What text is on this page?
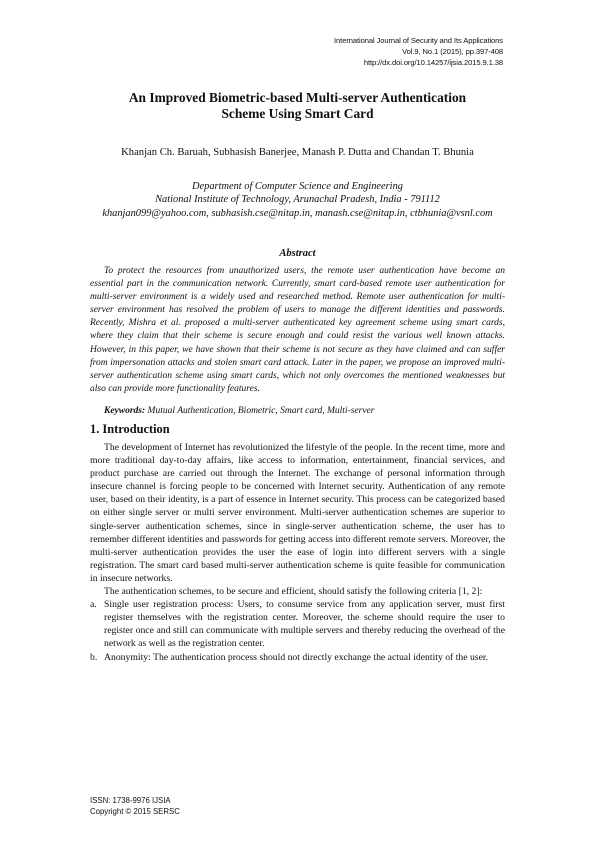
International Journal of Security and Its Applications
Vol.9, No.1 (2015), pp.397-408
http://dx.doi.org/10.14257/ijsia.2015.9.1.38
An Improved Biometric-based Multi-server Authentication
Scheme Using Smart Card
Khanjan Ch. Baruah, Subhasish Banerjee, Manash P. Dutta and Chandan T. Bhunia
Department of Computer Science and Engineering
National Institute of Technology, Arunachal Pradesh, India - 791112
khanjan099@yahoo.com, subhasish.cse@nitap.in, manash.cse@nitap.in, ctbhunia@vsnl.com
Abstract

To protect the resources from unauthorized users, the remote user authentication have become an essential part in the communication network. Currently, smart card-based remote user authentication for multi-server environment is a widely used and researched method. Remote user authentication for multi-server environment has resolved the problem of users to manage the different identities and passwords. Recently, Mishra et al. proposed a multi-server authenticated key agreement scheme using smart cards, where they claim that their scheme is secure enough and could resist the various well known attacks. However, in this paper, we have shown that their scheme is not secure as they have claimed and can suffer from impersonation attacks and stolen smart card attack. Later in the paper, we propose an improved multi-server authentication scheme using smart cards, which not only overcomes the mentioned weaknesses but also can provide more functionality features.

Keywords: Mutual Authentication, Biometric, Smart card, Multi-server
1. Introduction

The development of Internet has revolutionized the lifestyle of the people. In the recent time, more and more traditional day-to-day affairs, like access to information, entertainment, financial services, and product purchase are carried out through the Internet. The exchange of personal information through insecure channel is forcing people to be concerned with Internet security. Authentication of any remote user, based on their identity, is a part of essence in Internet security. This process can be categorized based on either single server or multi server environment. Multi-server authentication schemes are superior to single-server authentication schemes, since in single-server authentication scheme, the user has to remember different identities and passwords for getting access into different remote servers. Moreover, the multi-server authentication provides the user the ease of login into different servers with a single registration. The smart card based multi-server authentication scheme is quite feasible for communication in insecure networks.

The authentication schemes, to be secure and efficient, should satisfy the following criteria [1, 2]:

a. Single user registration process: Users, to consume service from any application server, must first register themselves with the registration center. Moreover, the scheme should require the user to register once and still can communicate with multiple servers and thereby reducing the overhead of the network as well as the registration center.
b. Anonymity: The authentication process should not directly exchange the actual identity of the user.
ISSN: 1738-9976 IJSIA
Copyright © 2015 SERSC
